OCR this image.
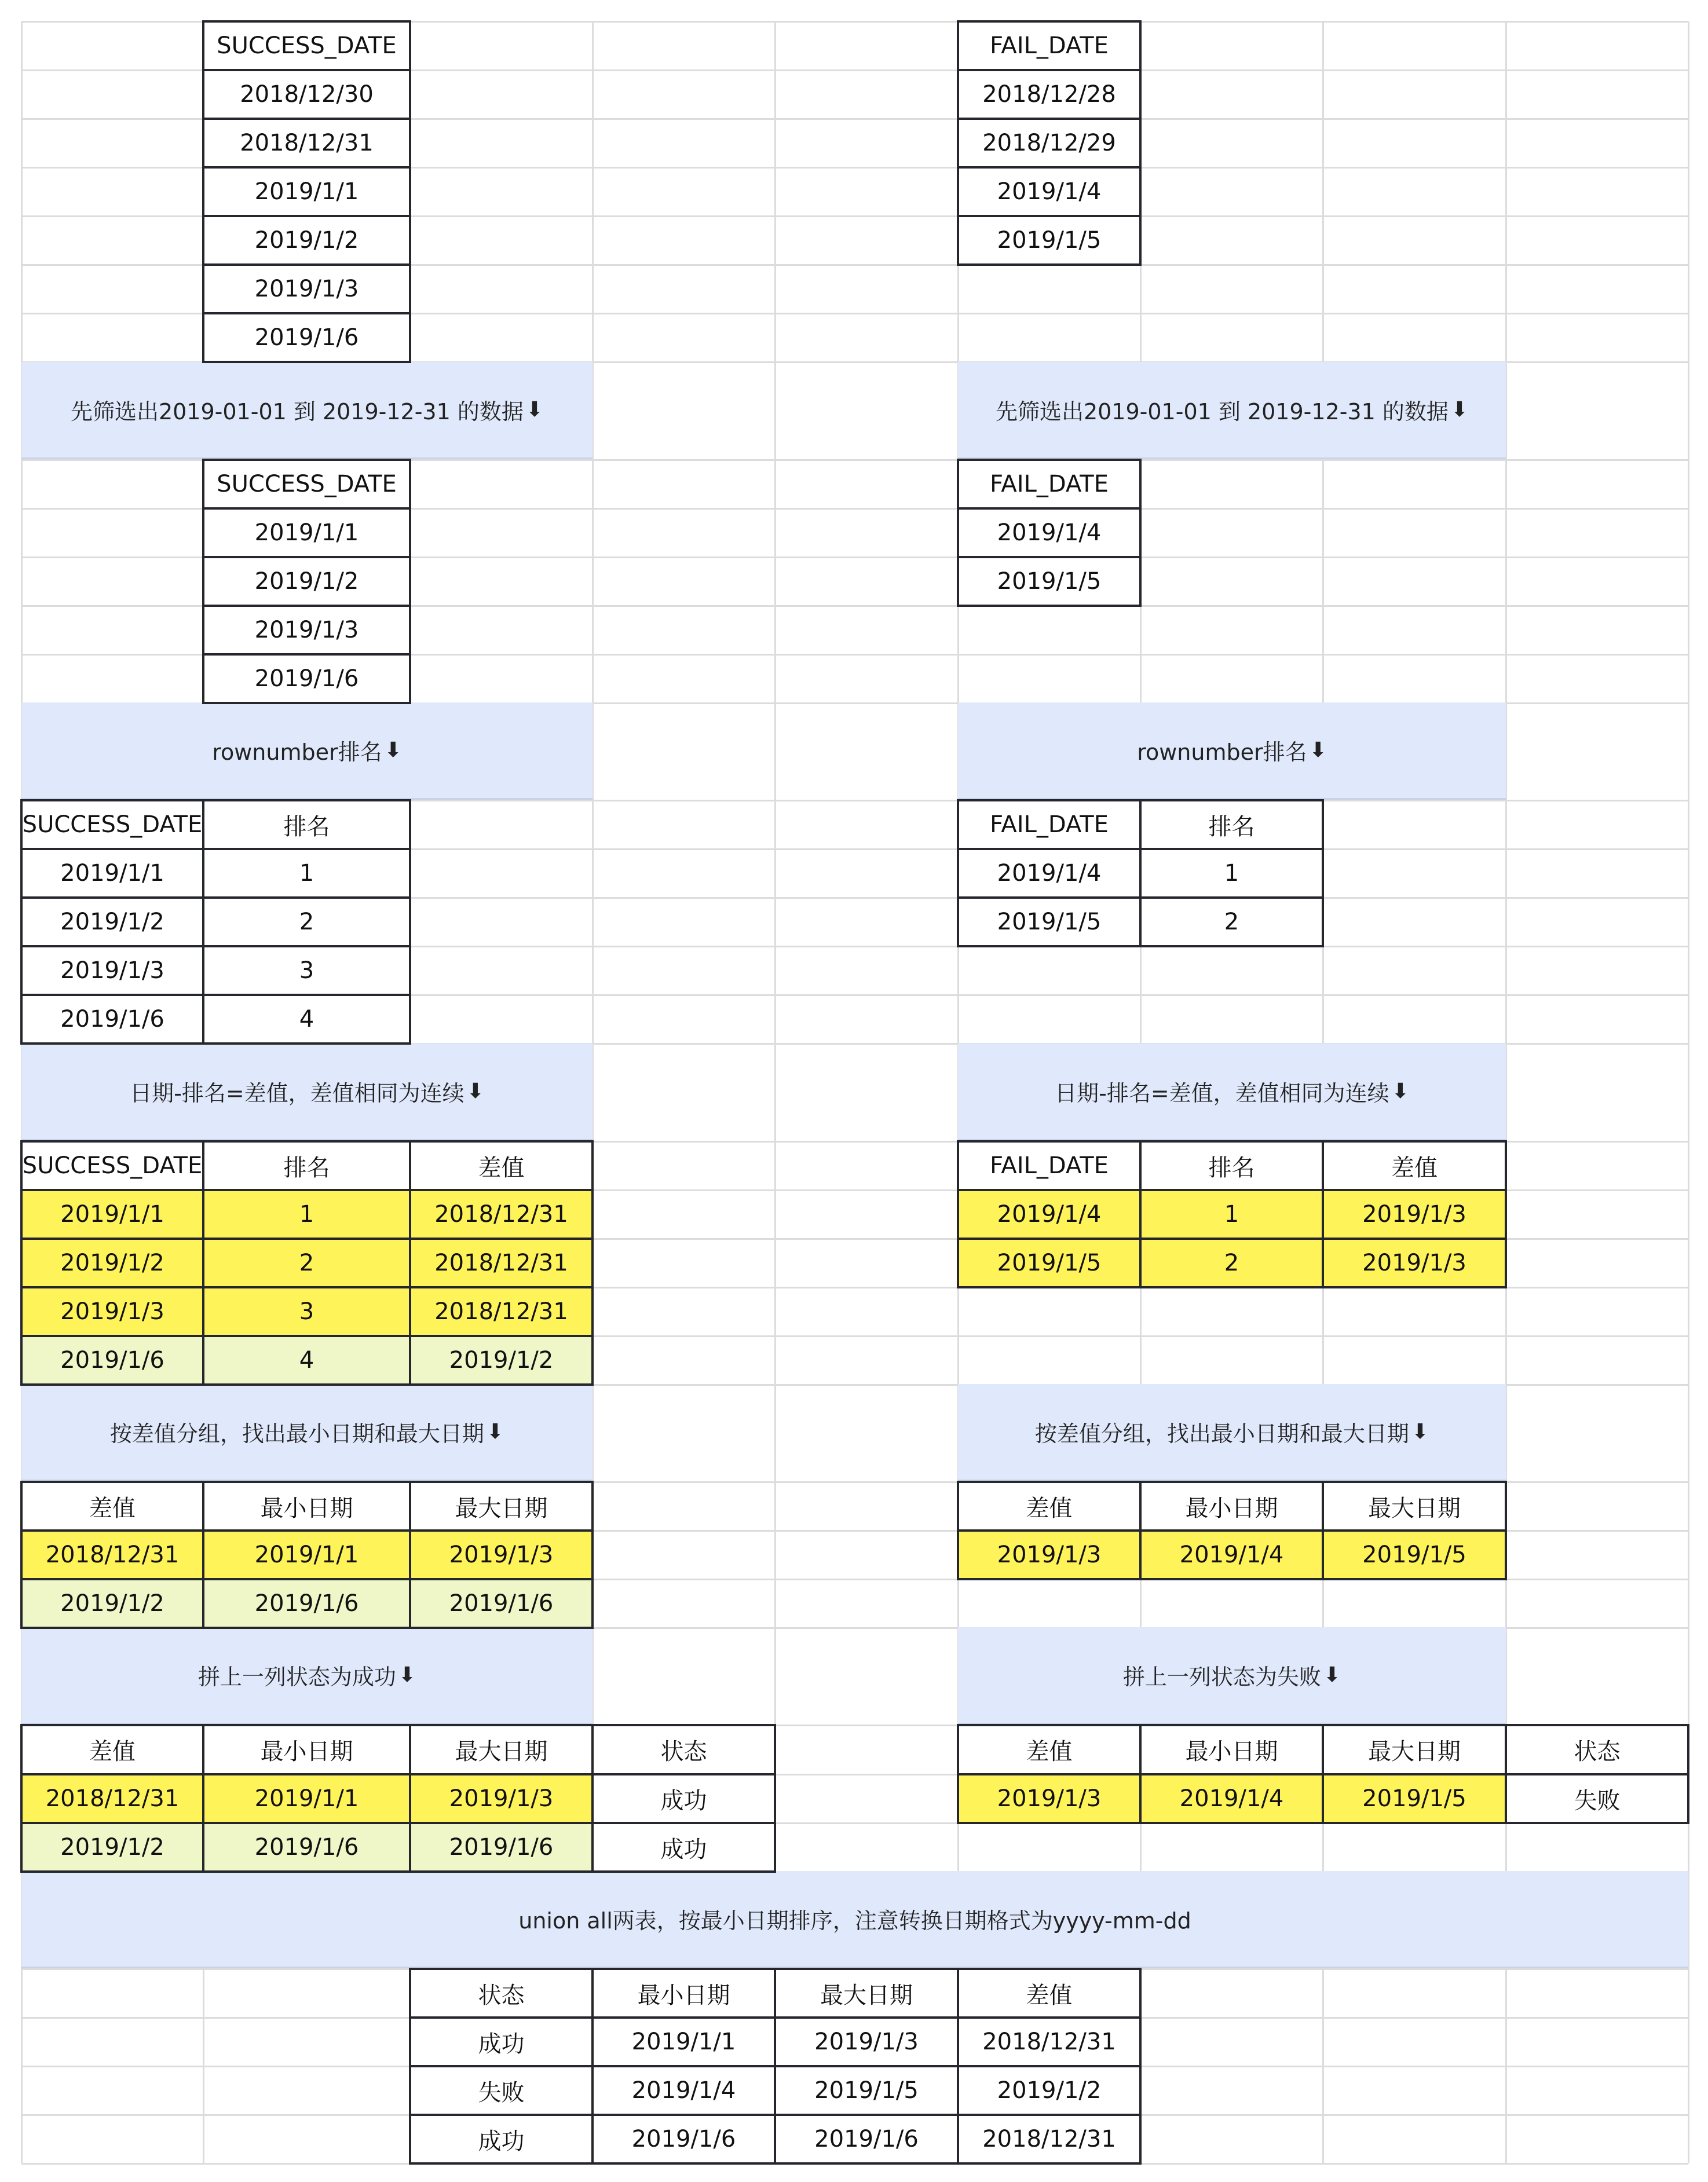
先筛选出2019-01-01 到 2019-12-31 的数据 ⬇
rownumber排名 ⬇
日期-排名=差值，差值相同为连续 ⬇
按差值分组，找出最小日期和最大日期 ⬇
拼上一列状态为成功 ⬇
先筛选出2019-01-01 到 2019-12-31 的数据 ⬇
rownumber排名 ⬇
日期-排名=差值，差值相同为连续 ⬇
按差值分组，找出最小日期和最大日期 ⬇
拼上一列状态为失败 ⬇
union all两表，按最小日期排序，注意转换日期格式为yyyy-mm-dd
SUCCESS_DATE
2018/12/30
2018/12/31
2019/1/1
2019/1/2
2019/1/3
2019/1/6
SUCCESS_DATE
2019/1/1
2019/1/2
2019/1/3
2019/1/6
SUCCESS_DATE	排名
2019/1/1	1
2019/1/2	2
2019/1/3	3
2019/1/6	4
SUCCESS_DATE	排名	差值
2019/1/1	1	2018/12/31
2019/1/2	2	2018/12/31
2019/1/3	3	2018/12/31
2019/1/6	4	2019/1/2
差值	最小日期	最大日期
2018/12/31	2019/1/1	2019/1/3
2019/1/2	2019/1/6	2019/1/6
差值	最小日期	最大日期	状态
2018/12/31	2019/1/1	2019/1/3	成功
2019/1/2	2019/1/6	2019/1/6	成功
FAIL_DATE
2018/12/28
2018/12/29
2019/1/4
2019/1/5
FAIL_DATE
2019/1/4
2019/1/5
FAIL_DATE	排名
2019/1/4	1
2019/1/5	2
FAIL_DATE	排名	差值
2019/1/4	1	2019/1/3
2019/1/5	2	2019/1/3
差值	最小日期	最大日期
2019/1/3	2019/1/4	2019/1/5
差值	最小日期	最大日期	状态
2019/1/3	2019/1/4	2019/1/5	失败
状态	最小日期	最大日期	差值
成功	2019/1/1	2019/1/3	2018/12/31
失败	2019/1/4	2019/1/5	2019/1/2
成功	2019/1/6	2019/1/6	2018/12/31
